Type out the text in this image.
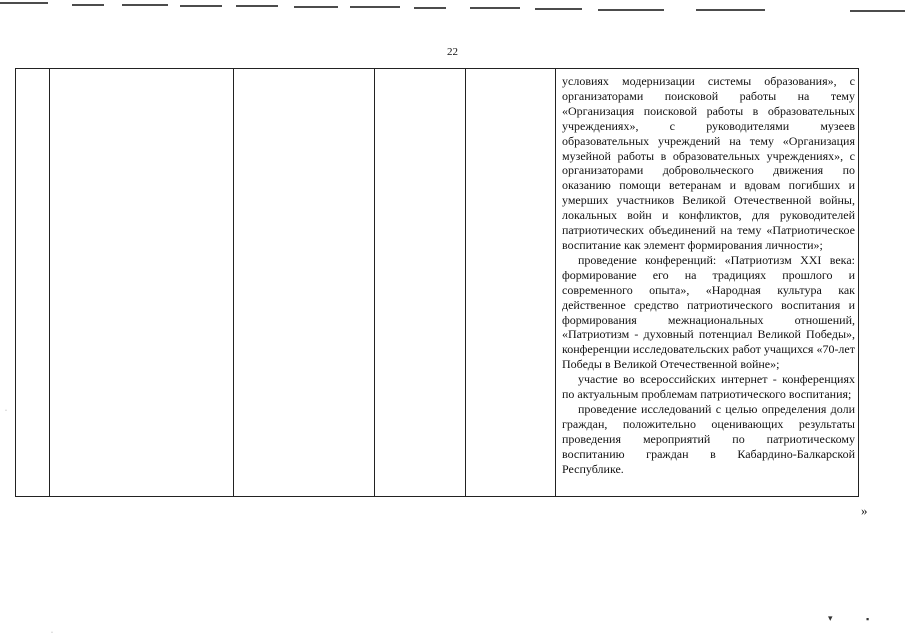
22

условиях модернизации системы образования», с организаторами поисковой работы на тему «Организация поисковой работы в образовательных учреждениях», с руководителями музеев образовательных учреждений на тему «Организация музейной работы в образовательных учреждениях», с организаторами добровольческого движения по оказанию помощи ветеранам и вдовам погибших и умерших участников Великой Отечественной войны, локальных войн и конфликтов, для руководителей патриотических объединений на тему «Патриотическое воспитание как элемент формирования личности»;

проведение конференций: «Патриотизм XXI века: формирование его на традициях прошлого и современного опыта», «Народная культура как действенное средство патриотического воспитания и формирования межнациональных отношений, «Патриотизм - духовный потенциал Великой Победы», конференции исследовательских работ учащихся «70-лет Победы в Великой Отечественной войне»;

участие во всероссийских интернет - конференциях по актуальным проблемам патриотического воспитания;

проведение исследований с целью определения доли граждан, положительно оценивающих результаты проведения мероприятий по патриотическому воспитанию граждан в Кабардино-Балкарской Республике.

»
▾	▪
·
·
